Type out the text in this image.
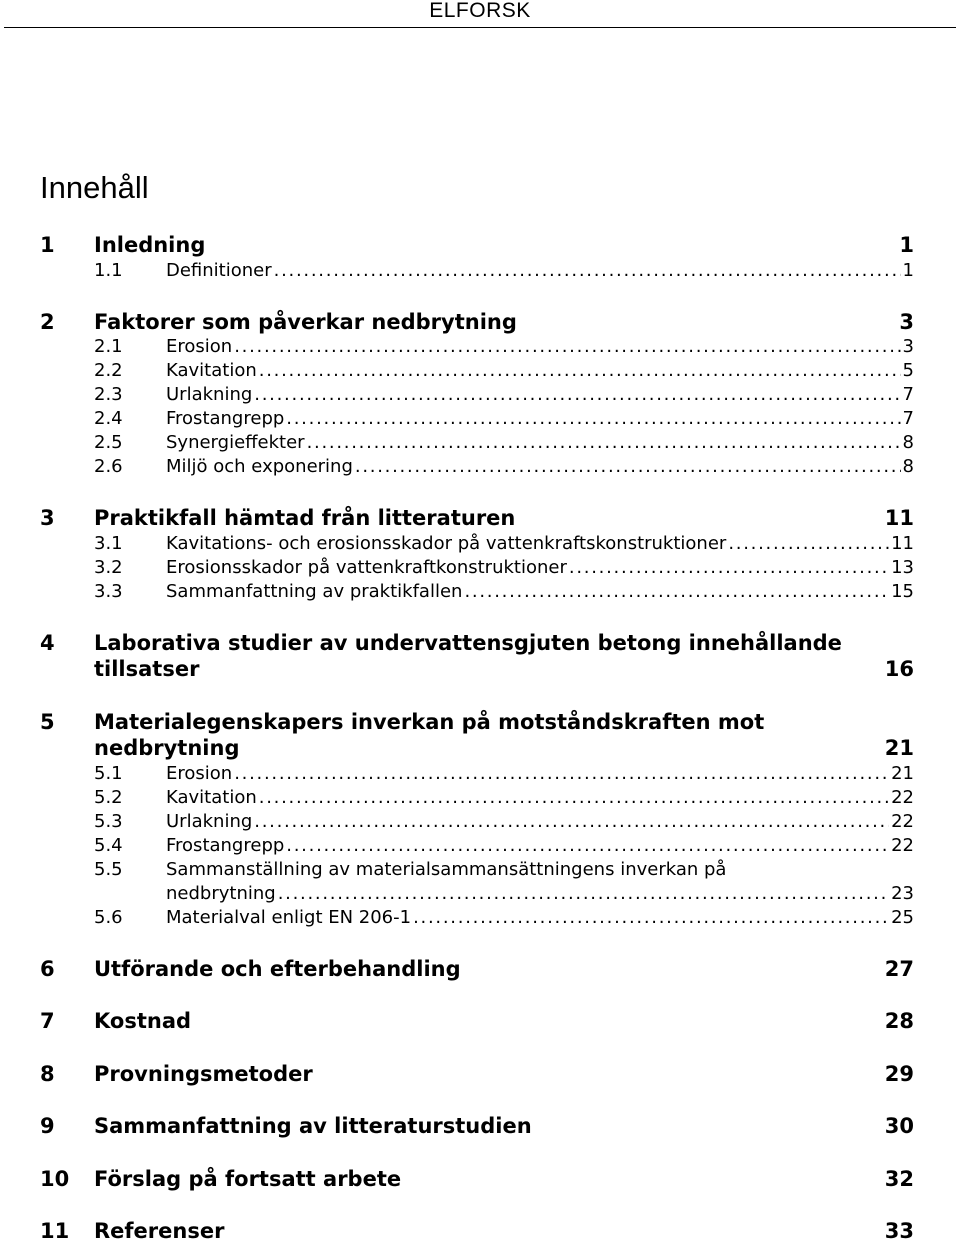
ELFORSK
Innehåll
1 Inledning	1
1.1 Definitioner . . .	1
2 Faktorer som påverkar nedbrytning	3
2.1 Erosion . . .	3
2.2 Kavitation . . .	5
2.3 Urlakning . . .	7
2.4 Frostangrepp . . .	7
2.5 Synergieffekter . . .	8
2.6 Miljö och exponering . . .	8
3 Praktikfall hämtad från litteraturen	11
3.1 Kavitations- och erosionsskador på vattenkraftskonstruktioner . . .	11
3.2 Erosionsskador på vattenkraftkonstruktioner . . .	13
3.3 Sammanfattning av praktikfallen . . .	15
4 Laborativa studier av undervattensgjuten betong innehållande tillsatser	16
5 Materialegenskapers inverkan på motståndskraften mot nedbrytning	21
5.1 Erosion . . .	21
5.2 Kavitation . . .	22
5.3 Urlakning . . .	22
5.4 Frostangrepp . . .	22
5.5 Sammanställning av materialsammansättningens inverkan på
nedbrytning . . .	23
5.6 Materialval enligt EN 206-1 . . .	25
6 Utförande och efterbehandling	27
7 Kostnad	28
8 Provningsmetoder	29
9 Sammanfattning av litteraturstudien	30
10 Förslag på fortsatt arbete	32
11 Referenser	33
